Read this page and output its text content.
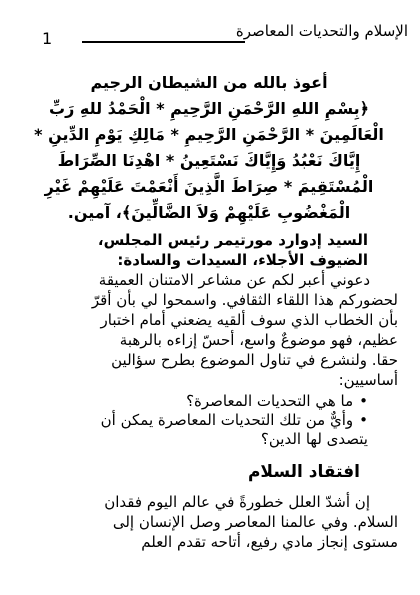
الإسلام والتحديات المعاصرة
1
أعوذ بالله من الشيطان الرجيم
﴿بِسْمِ اللهِ الرَّحْمَنِ الرَّحِيمِ * الْحَمْدُ للهِ رَبِّ
الْعَالَمِينَ * الرَّحْمَنِ الرَّحِيمِ * مَالِكِ يَوْمِ الدِّينِ *
إِيَّاكَ نَعْبُدُ وَإِيَّاكَ نَسْتَعِينُ * اهْدِنَا الصِّرَاطَ
الْمُسْتَقِيمَ * صِرَاطَ الَّذِينَ أَنْعَمْتَ عَلَيْهِمْ غَيْرِ
الْمَغْضُوبِ عَلَيْهِمْ وَلاَ الضَّالِّينَ﴾، آمين.
السيد إدوارد مورتيمر رئيس المجلس،
الضيوف الأجلاء، السيدات والسادة:
دعوني أعبر لكم عن مشاعر الامتنان العميقة
لحضوركم هذا اللقاء الثقافي. واسمحوا لي بأن أقرّ
بأن الخطاب الذي سوف ألقيه يضعني أمام اختبار
عظيم، فهو موضوعٌ واسع، أحسّ إزاءه بالرهبة
حقا. ولنشرع في تناول الموضوع بطرح سؤالين
أساسيين:
•
ما هي التحديات المعاصرة؟
•
وأيٌّ من تلك التحديات المعاصرة يمكن أن
يتصدى لها الدين؟
افتقاد السلام
إن أشدّ العلل خطورةً في عالم اليوم فقدان
السلام. وفي عالمنا المعاصر وصل الإنسان إلى
مستوى إنجاز مادي رفيع، أتاحه تقدم العلم
